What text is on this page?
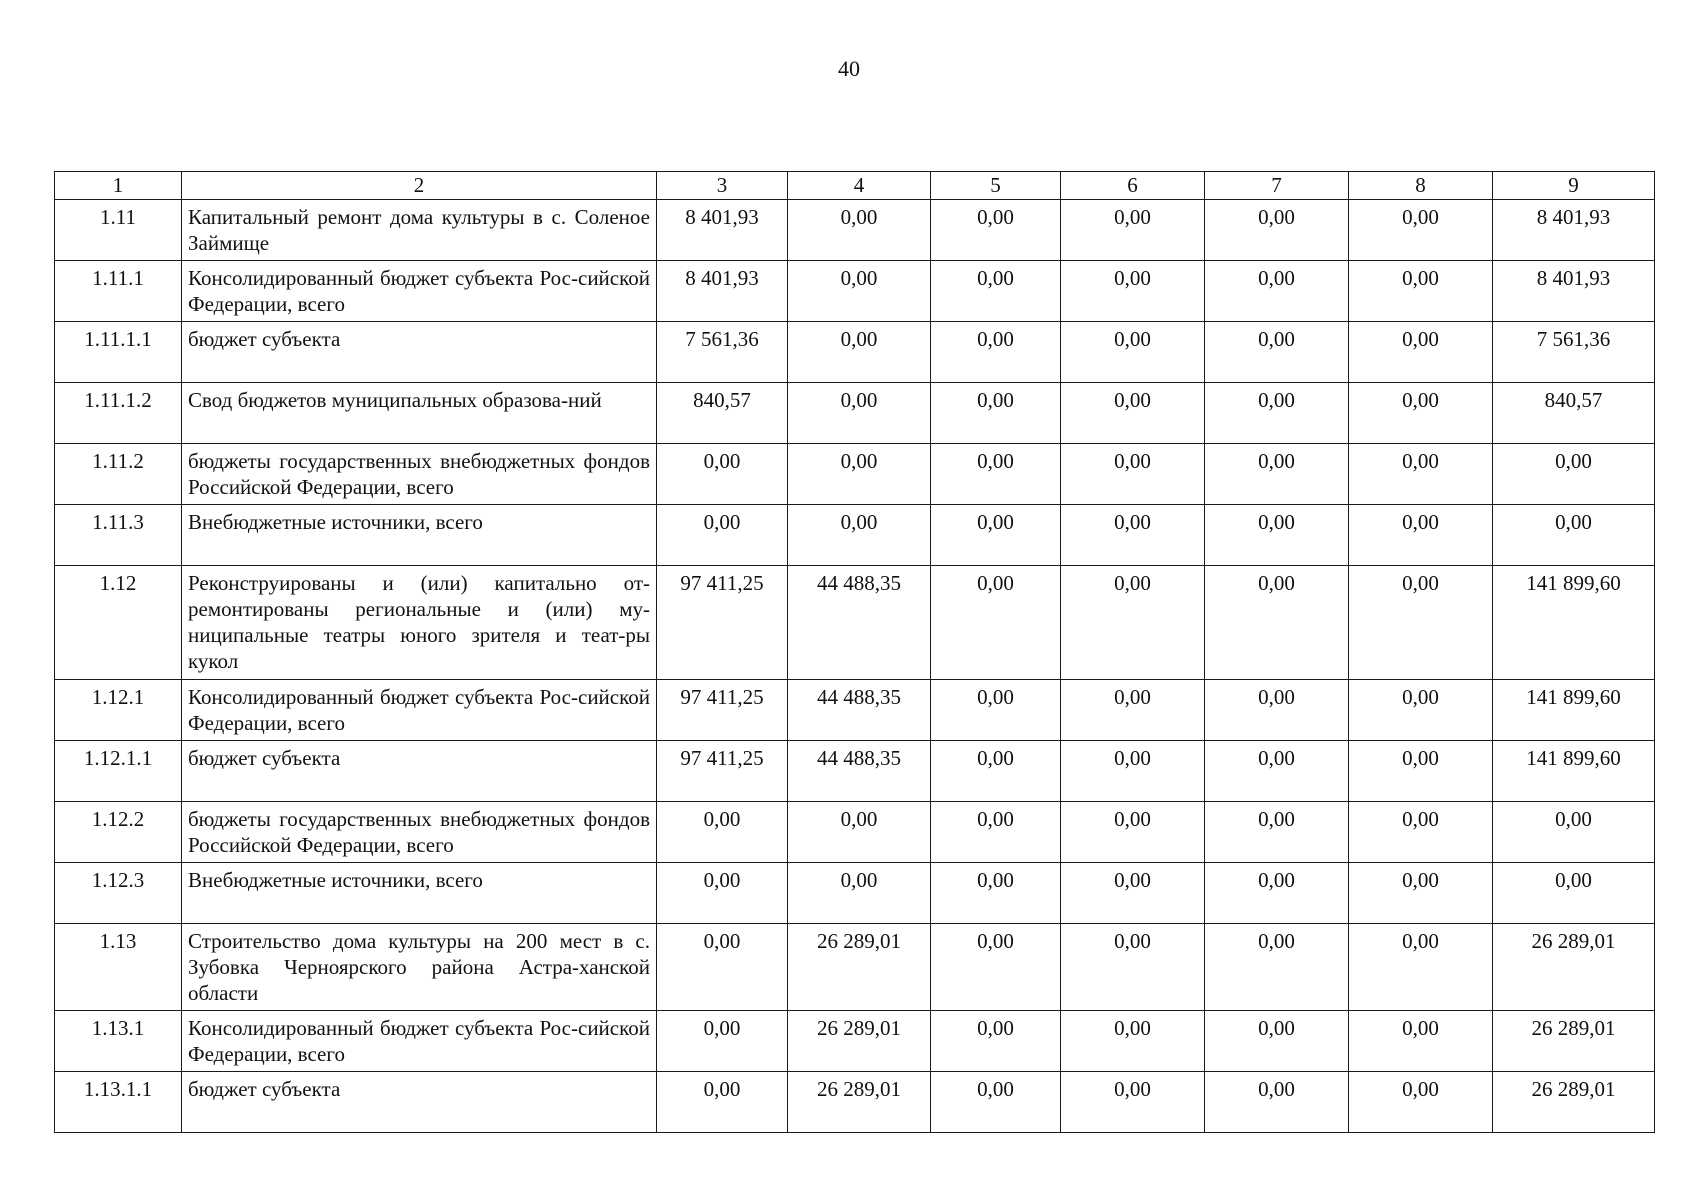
40
1	2	3	4	5	6	7	8	9
1.11	Капитальный ремонт дома культуры в с. Соленое Займище	8 401,93	0,00	0,00	0,00	0,00	0,00	8 401,93
1.11.1	Консолидированный бюджет субъекта Рос-сийской Федерации, всего	8 401,93	0,00	0,00	0,00	0,00	0,00	8 401,93
1.11.1.1	бюджет субъекта	7 561,36	0,00	0,00	0,00	0,00	0,00	7 561,36
1.11.1.2	Свод бюджетов муниципальных образова-ний	840,57	0,00	0,00	0,00	0,00	0,00	840,57
1.11.2	бюджеты государственных внебюджетных фондов Российской Федерации, всего	0,00	0,00	0,00	0,00	0,00	0,00	0,00
1.11.3	Внебюджетные источники, всего	0,00	0,00	0,00	0,00	0,00	0,00	0,00
1.12	Реконструированы и (или) капитально от-ремонтированы региональные и (или) му-ниципальные театры юного зрителя и теат-ры кукол	97 411,25	44 488,35	0,00	0,00	0,00	0,00	141 899,60
1.12.1	Консолидированный бюджет субъекта Рос-сийской Федерации, всего	97 411,25	44 488,35	0,00	0,00	0,00	0,00	141 899,60
1.12.1.1	бюджет субъекта	97 411,25	44 488,35	0,00	0,00	0,00	0,00	141 899,60
1.12.2	бюджеты государственных внебюджетных фондов Российской Федерации, всего	0,00	0,00	0,00	0,00	0,00	0,00	0,00
1.12.3	Внебюджетные источники, всего	0,00	0,00	0,00	0,00	0,00	0,00	0,00
1.13	Строительство дома культуры на 200 мест в с. Зубовка Черноярского района Астра-ханской области	0,00	26 289,01	0,00	0,00	0,00	0,00	26 289,01
1.13.1	Консолидированный бюджет субъекта Рос-сийской Федерации, всего	0,00	26 289,01	0,00	0,00	0,00	0,00	26 289,01
1.13.1.1	бюджет субъекта	0,00	26 289,01	0,00	0,00	0,00	0,00	26 289,01
